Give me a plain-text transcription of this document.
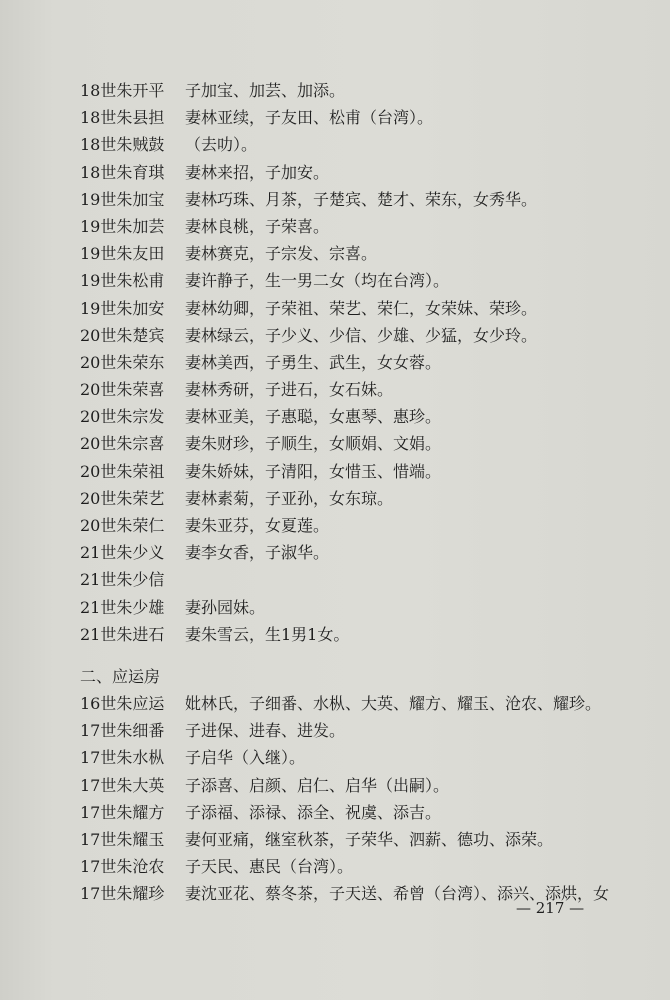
18世朱开平	子加宝、加芸、加添。
18世朱县担	妻林亚续，子友田、松甫（台湾）。
18世朱贼鼓	（去叻）。
18世朱育琪	妻林来招，子加安。
19世朱加宝	妻林巧珠、月茶，子楚宾、楚才、荣东，女秀华。
19世朱加芸	妻林良桃，子荣喜。
19世朱友田	妻林赛克，子宗发、宗喜。
19世朱松甫	妻许静子，生一男二女（均在台湾）。
19世朱加安	妻林幼卿，子荣祖、荣艺、荣仁，女荣妹、荣珍。
20世朱楚宾	妻林绿云，子少义、少信、少雄、少猛，女少玲。
20世朱荣东	妻林美西，子勇生、武生，女女蓉。
20世朱荣喜	妻林秀研，子进石，女石妹。
20世朱宗发	妻林亚美，子惠聪，女惠琴、惠珍。
20世朱宗喜	妻朱财珍，子顺生，女顺娟、文娟。
20世朱荣祖	妻朱娇妹，子清阳，女惜玉、惜端。
20世朱荣艺	妻林素菊，子亚孙，女东琼。
20世朱荣仁	妻朱亚芬，女夏莲。
21世朱少义	妻李女香，子淑华。
21世朱少信
21世朱少雄	妻孙园妹。
21世朱进石	妻朱雪云，生1男1女。
二、应运房
16世朱应运	妣林氏，子细番、水枞、大英、耀方、耀玉、沧农、耀珍。
17世朱细番	子进保、进春、进发。
17世朱水枞	子启华（入继）。
17世朱大英	子添喜、启颜、启仁、启华（出嗣）。
17世朱耀方	子添福、添禄、添全、祝虞、添吉。
17世朱耀玉	妻何亚痛，继室秋茶，子荣华、泗薪、德功、添荣。
17世朱沧农	子天民、惠民（台湾）。
17世朱耀珍	妻沈亚花、蔡冬茶，子天送、希曾（台湾）、添兴、添烘，女
— 217 —
